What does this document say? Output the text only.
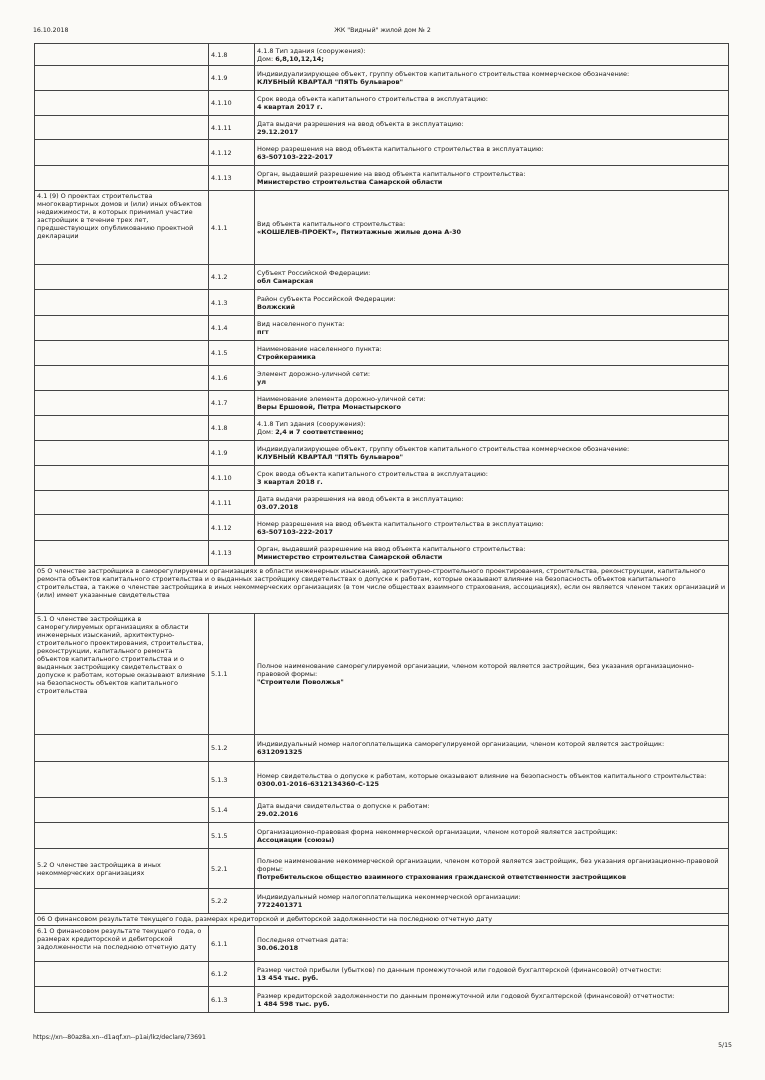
16.10.2018	ЖК "Видный" жилой дом № 2
	4.1.8	4.1.8 Тип здания (сооружения):
Дом: 6,8,10,12,14;

	4.1.9	Индивидуализирующее объект, группу объектов капитального строительства коммерческое обозначение:
КЛУБНЫЙ КВАРТАЛ "ПЯТЬ бульваров"

	4.1.10	Срок ввода объекта капитального строительства в эксплуатацию:
4 квартал 2017 г.

	4.1.11	Дата выдачи разрешения на ввод объекта в эксплуатацию:
29.12.2017

	4.1.12	Номер разрешения на ввод объекта капитального строительства в эксплуатацию:
63-507103-222-2017

	4.1.13	Орган, выдавший разрешение на ввод объекта капитального строительства:
Министерство строительства Самарской области

4.1 (9) О проектах строительства многоквартирных домов и (или) иных объектов недвижимости, в которых принимал участие застройщик в течение трех лет, предшествующих опубликованию проектной декларации	4.1.1	Вид объекта капитального строительства:
«КОШЕЛЕВ-ПРОЕКТ», Пятиэтажные жилые дома А-30

	4.1.2	Субъект Российской Федерации:
обл Самарская

	4.1.3	Район субъекта Российской Федерации:
Волжский

	4.1.4	Вид населенного пункта:
пгт

	4.1.5	Наименование населенного пункта:
Стройкерамика

	4.1.6	Элемент дорожно-уличной сети:
ул

	4.1.7	Наименование элемента дорожно-уличной сети:
Веры Ершовой, Петра Монастырского

	4.1.8	4.1.8 Тип здания (сооружения):
Дом: 2,4 и 7 соответственно;

	4.1.9	Индивидуализирующее объект, группу объектов капитального строительства коммерческое обозначение:
КЛУБНЫЙ КВАРТАЛ "ПЯТЬ бульваров"

	4.1.10	Срок ввода объекта капитального строительства в эксплуатацию:
3 квартал 2018 г.

	4.1.11	Дата выдачи разрешения на ввод объекта в эксплуатацию:
03.07.2018

	4.1.12	Номер разрешения на ввод объекта капитального строительства в эксплуатацию:
63-507103-222-2017

	4.1.13	Орган, выдавший разрешение на ввод объекта капитального строительства:
Министерство строительства Самарской области

05 О членстве застройщика в саморегулируемых организациях в области инженерных изысканий, архитектурно-строительного проектирования, строительства, реконструкции, капитального ремонта объектов капитального строительства и о выданных застройщику свидетельствах о допуске к работам, которые оказывают влияние на безопасность объектов капитального строительства, а также о членстве застройщика в иных некоммерческих организациях (в том числе обществах взаимного страхования, ассоциациях), если он является членом таких организаций и (или) имеет указанные свидетельства		
5.1 О членстве застройщика в саморегулируемых организациях в области инженерных изысканий, архитектурно-строительного проектирования, строительства, реконструкции, капитального ремонта объектов капитального строительства и о выданных застройщику свидетельствах о допуске к работам, которые оказывают влияние на безопасность объектов капитального строительства	5.1.1	Полное наименование саморегулируемой организации, членом которой является застройщик, без указания организационно-правовой формы:
"Строители Поволжья"

	5.1.2	Индивидуальный номер налогоплательщика саморегулируемой организации, членом которой является застройщик:
6312091325

	5.1.3	Номер свидетельства о допуске к работам, которые оказывают влияние на безопасность объектов капитального строительства:
0300.01-2016-6312134360-С-125

	5.1.4	Дата выдачи свидетельства о допуске к работам:
29.02.2016

	5.1.5	Организационно-правовая форма некоммерческой организации, членом которой является застройщик:
Ассоциации (союзы)

5.2 О членстве застройщика в иных некоммерческих организациях	5.2.1	Полное наименование некоммерческой организации, членом которой является застройщик, без указания организационно-правовой формы:
Потребительское общество взаимного страхования гражданской ответственности застройщиков

	5.2.2	Индивидуальный номер налогоплательщика некоммерческой организации:
7722401371

06 О финансовом результате текущего года, размерах кредиторской и дебиторской задолженности на последнюю отчетную дату		
6.1 О финансовом результате текущего года, о размерах кредиторской и дебиторской задолженности на последнюю отчетную дату	6.1.1	Последняя отчетная дата:
30.06.2018

	6.1.2	Размер чистой прибыли (убытков) по данным промежуточной или годовой бухгалтерской (финансовой) отчетности:
13 454 тыс. руб.

	6.1.3	Размер кредиторской задолженности по данным промежуточной или годовой бухгалтерской (финансовой) отчетности:
1 484 598 тыс. руб.
https://xn--80az8a.xn--d1aqf.xn--p1ai/lkz/declare/73691
5/15
